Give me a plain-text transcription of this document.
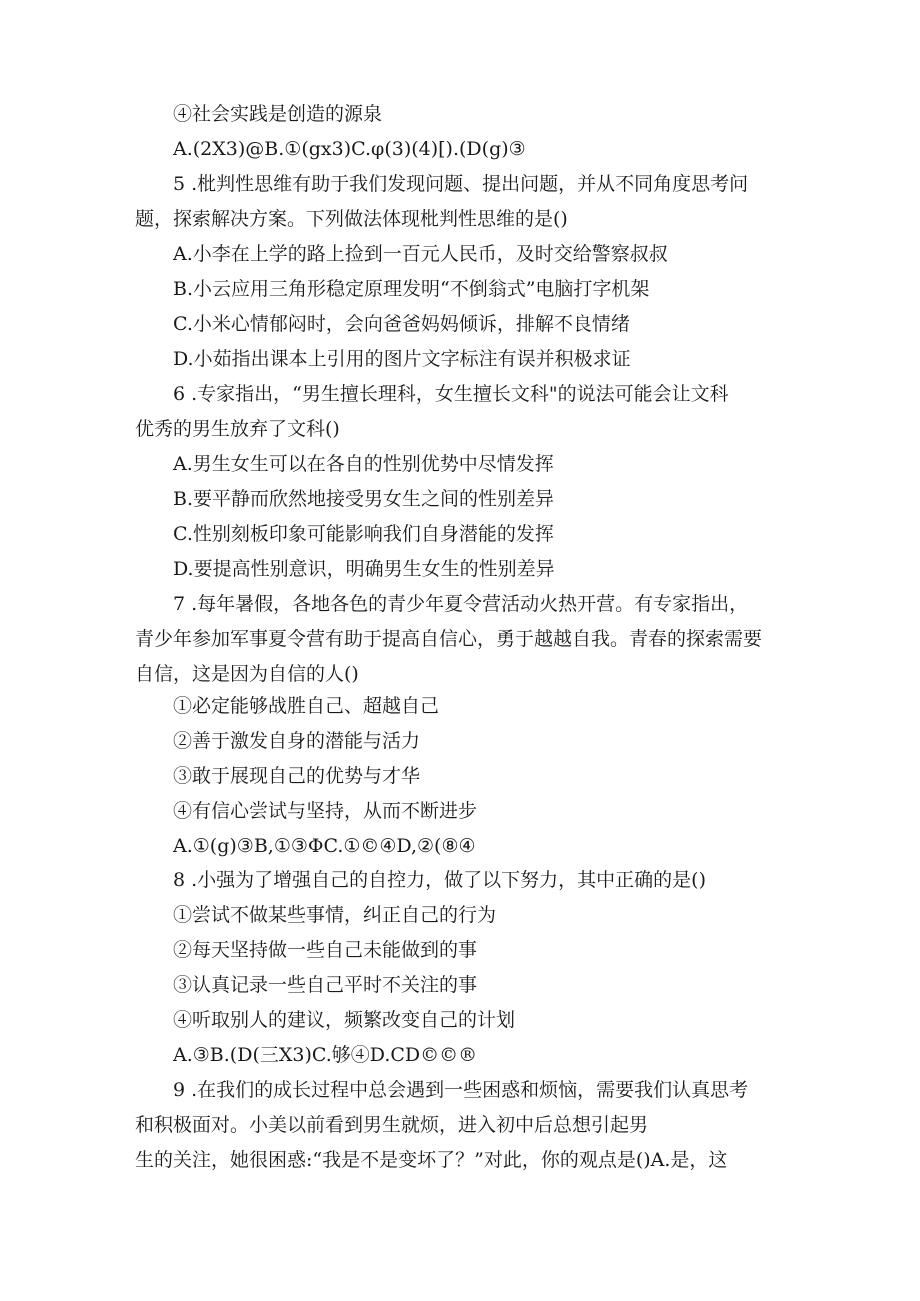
④社会实践是创造的源泉
A.(2X3)@B.①(gx3)C.φ(3)(4)[).(D(g)③
5 .枇判性思维有助于我们发现问题、提出问题，并从不同角度思考问
题，探索解决方案。下列做法体现枇判性思维的是()
A.小李在上学的路上捡到一百元人民币，及时交给警察叔叔
B.小云应用三角形稳定原理发明“不倒翁式”电脑打字机架
C.小米心情郁闷时，会向爸爸妈妈倾诉，排解不良情绪
D.小茹指出课本上引用的图片文字标注有误并积极求证
6 .专家指出，“男生擅长理科，女生擅长文科"的说法可能会让文科
优秀的男生放弃了文科()
A.男生女生可以在各自的性别优势中尽情发挥
B.要平静而欣然地接受男女生之间的性别差异
C.性别刻板印象可能影响我们自身潜能的发挥
D.要提高性别意识，明确男生女生的性别差异
7 .每年暑假，各地各色的青少年夏令营活动火热开营。有专家指出，
青少年参加军事夏令营有助于提高自信心，勇于越越自我。青春的探索需要
自信，这是因为自信的人()
①必定能够战胜自己、超越自己
②善于激发自身的潜能与活力
③敢于展现自己的优势与才华
④有信心尝试与坚持，从而不断进步
A.①(g)③B,①③ΦC.①©④D,②(⑧④
8 .小强为了增强自己的自控力，做了以下努力，其中正确的是()
①尝试不做某些事情，纠正自己的行为
②每天坚持做一些自己未能做到的事
③认真记录一些自己平时不关注的事
④听取别人的建议，频繁改变自己的计划
A.③B.(D(三X3)C.够④D.CD©©®
9 .在我们的成长过程中总会遇到一些困惑和烦恼，需要我们认真思考
和积极面对。小美以前看到男生就烦，进入初中后总想引起男
生的关注，她很困惑:“我是不是变坏了？”对此，你的观点是()A.是，这
